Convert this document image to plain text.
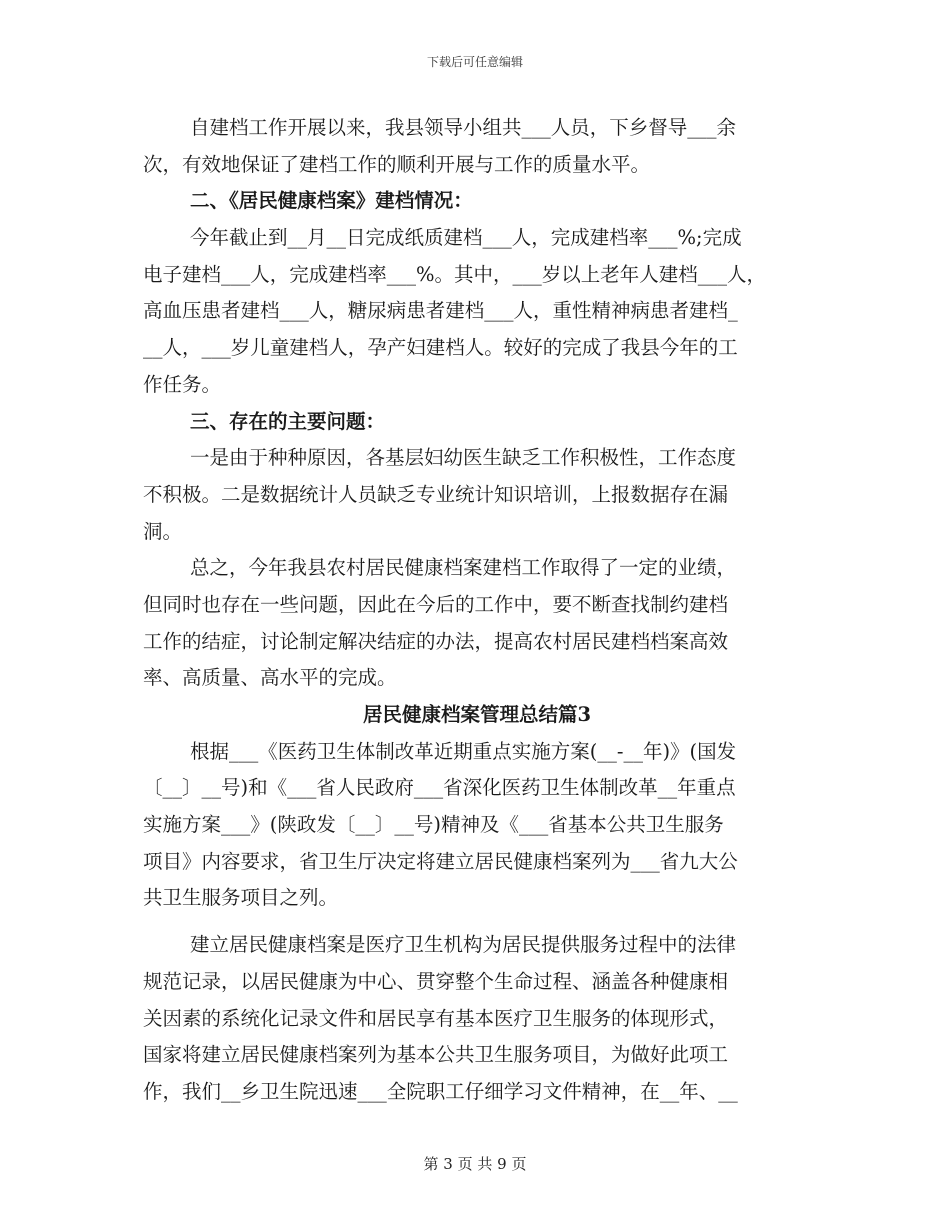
下载后可任意编辑
自建档工作开展以来，我县领导小组共___人员，下乡督导___余
次，有效地保证了建档工作的顺利开展与工作的质量水平。
二、《居民健康档案》建档情况：
今年截止到__月__日完成纸质建档___人，完成建档率___%;完成
电子建档___人，完成建档率___%。其中，___岁以上老年人建档___人，
高血压患者建档___人，糖尿病患者建档___人，重性精神病患者建档_
__人，___岁儿童建档人，孕产妇建档人。较好的完成了我县今年的工
作任务。
三、存在的主要问题：
一是由于种种原因，各基层妇幼医生缺乏工作积极性，工作态度
不积极。二是数据统计人员缺乏专业统计知识培训，上报数据存在漏
洞。
总之，今年我县农村居民健康档案建档工作取得了一定的业绩，
但同时也存在一些问题，因此在今后的工作中，要不断查找制约建档
工作的结症，讨论制定解决结症的办法，提高农村居民建档档案高效
率、高质量、高水平的完成。
居民健康档案管理总结篇3
根据___《医药卫生体制改革近期重点实施方案(__-__年)》(国发
〔__〕__号)和《___省人民政府___省深化医药卫生体制改革__年重点
实施方案___》(陕政发〔__〕__号)精神及《___省基本公共卫生服务
项目》内容要求，省卫生厅决定将建立居民健康档案列为___省九大公
共卫生服务项目之列。
建立居民健康档案是医疗卫生机构为居民提供服务过程中的法律
规范记录，以居民健康为中心、贯穿整个生命过程、涵盖各种健康相
关因素的系统化记录文件和居民享有基本医疗卫生服务的体现形式，
国家将建立居民健康档案列为基本公共卫生服务项目，为做好此项工
作，我们__乡卫生院迅速___全院职工仔细学习文件精神，在__年、__
第 3 页 共 9 页
